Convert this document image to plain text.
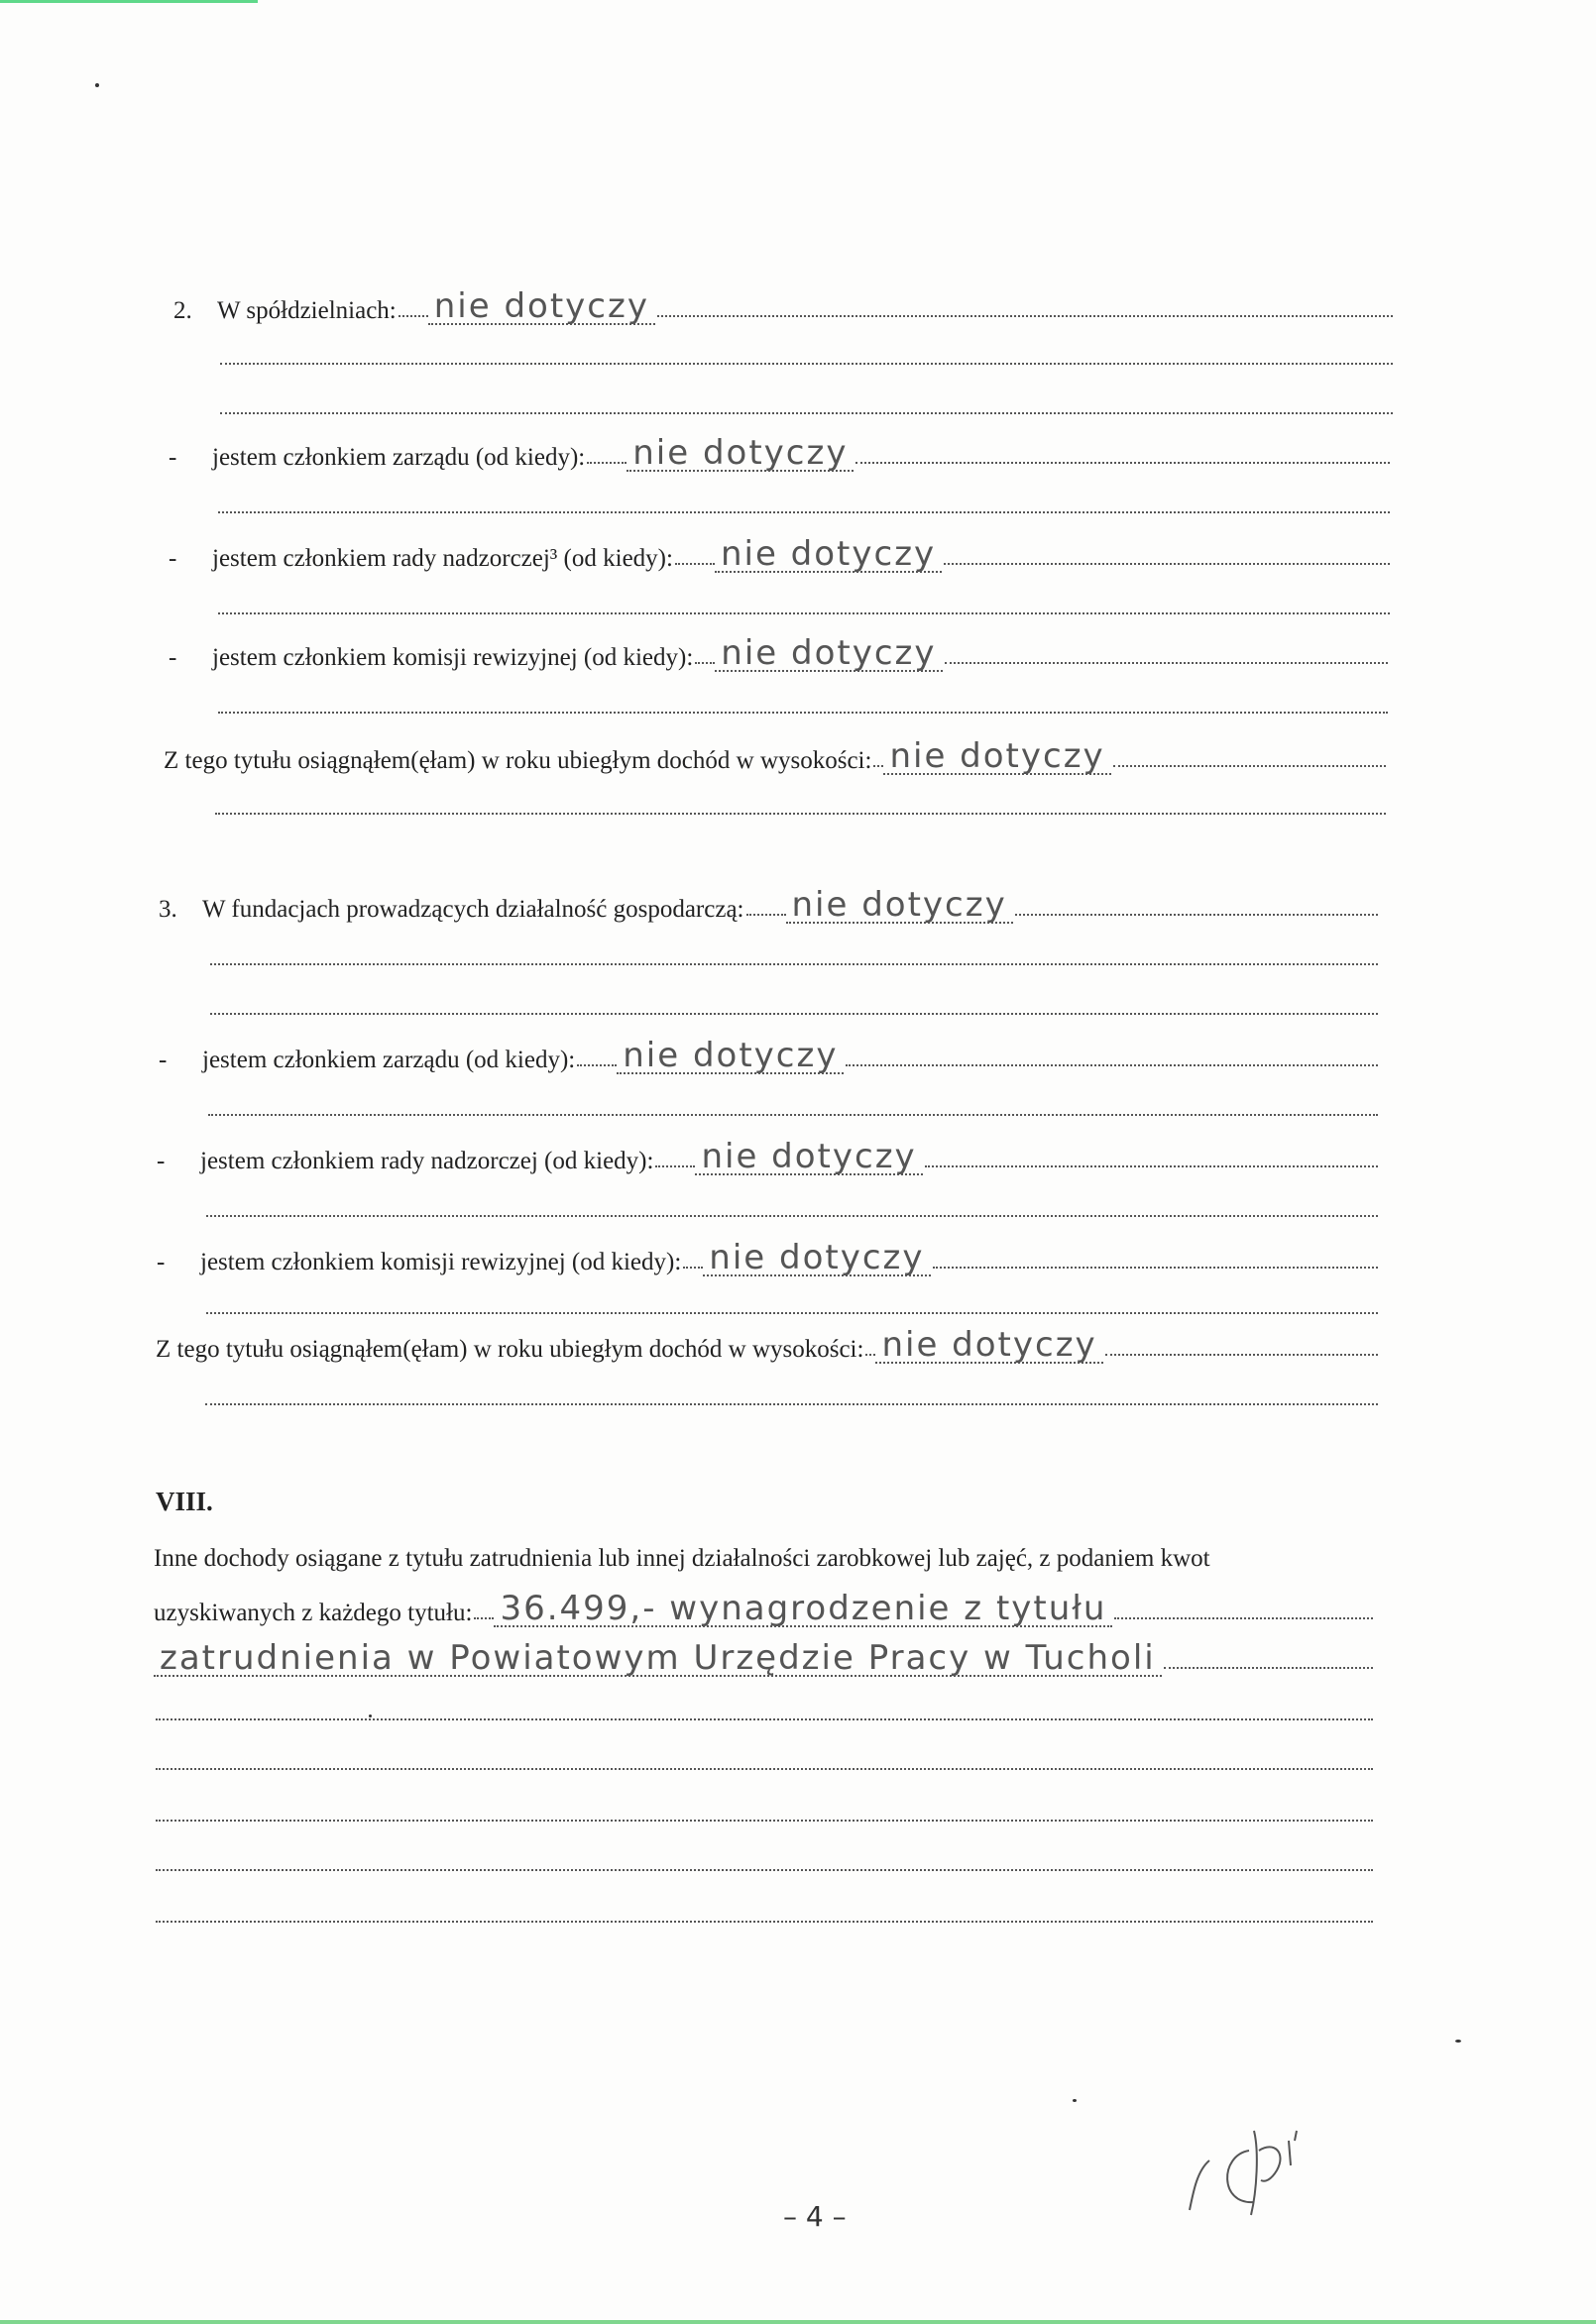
2.	W spółdzielniach: nie dotyczy
-	jestem członkiem zarządu (od kiedy): nie dotyczy
-	jestem członkiem rady nadzorczej³ (od kiedy): nie dotyczy
-	jestem członkiem komisji rewizyjnej (od kiedy): nie dotyczy
Z tego tytułu osiągnąłem(ęłam) w roku ubiegłym dochód w wysokości: nie dotyczy
3.	W fundacjach prowadzących działalność gospodarczą: nie dotyczy
-	jestem członkiem zarządu (od kiedy): nie dotyczy
-	jestem członkiem rady nadzorczej (od kiedy): nie dotyczy
-	jestem członkiem komisji rewizyjnej (od kiedy): nie dotyczy
Z tego tytułu osiągnąłem(ęłam) w roku ubiegłym dochód w wysokości: nie dotyczy
VIII.
Inne dochody osiągane z tytułu zatrudnienia lub innej działalności zarobkowej lub zajęć, z podaniem kwot
uzyskiwanych z każdego tytułu: 36.499,- wynagrodzenie z tytułu
zatrudnienia w Powiatowym Urzędzie Pracy w Tucholi
– 4 –
